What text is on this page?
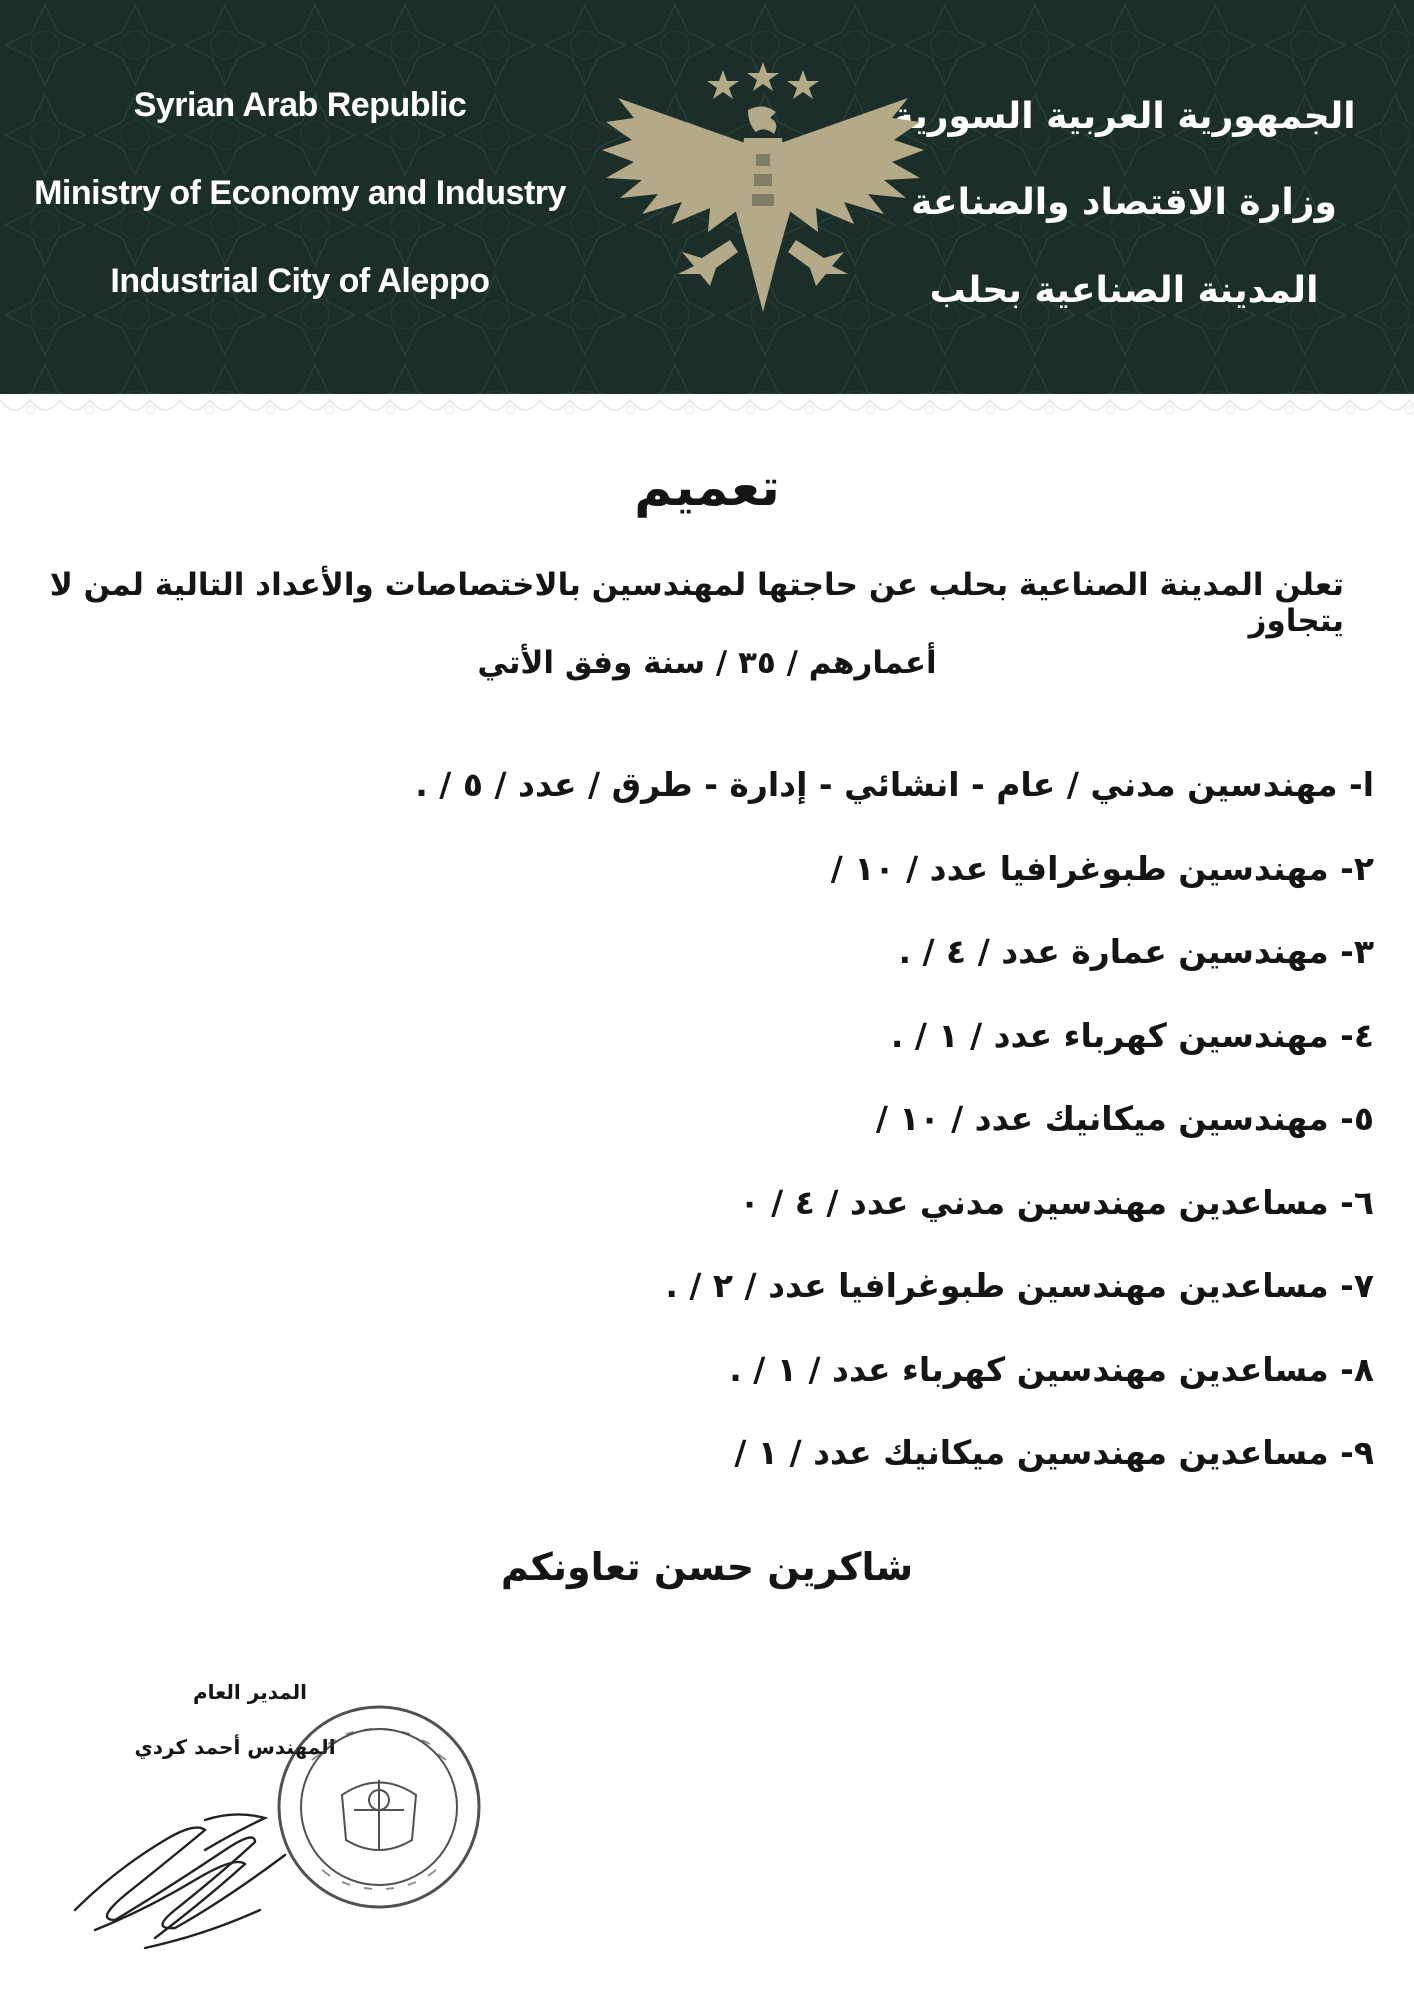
Syrian Arab Republic
Ministry of Economy and Industry
Industrial City of Aleppo
الجمهورية العربية السورية
وزارة الاقتصاد والصناعة
المدينة الصناعية بحلب
تعميم
تعلن المدينة الصناعية بحلب عن حاجتها لمهندسين بالاختصاصات والأعداد التالية لمن لا يتجاوز
أعمارهم / ٣٥ / سنة وفق الأتي
ا- مهندسين مدني / عام - انشائي - إدارة - طرق / عدد / ٥ / .
٢- مهندسين طبوغرافيا عدد / ١٠ /
٣- مهندسين عمارة عدد / ٤ / .
٤- مهندسين كهرباء عدد / ١ / .
٥- مهندسين ميكانيك عدد / ١٠ /
٦- مساعدين مهندسين مدني عدد / ٤ / ٠
٧- مساعدين مهندسين طبوغرافيا عدد / ٢ / .
٨- مساعدين مهندسين كهرباء عدد / ١ / .
٩- مساعدين مهندسين ميكانيك عدد / ١ /
شاكرين حسن تعاونكم
المدير العام
المهندس أحمد كردي
